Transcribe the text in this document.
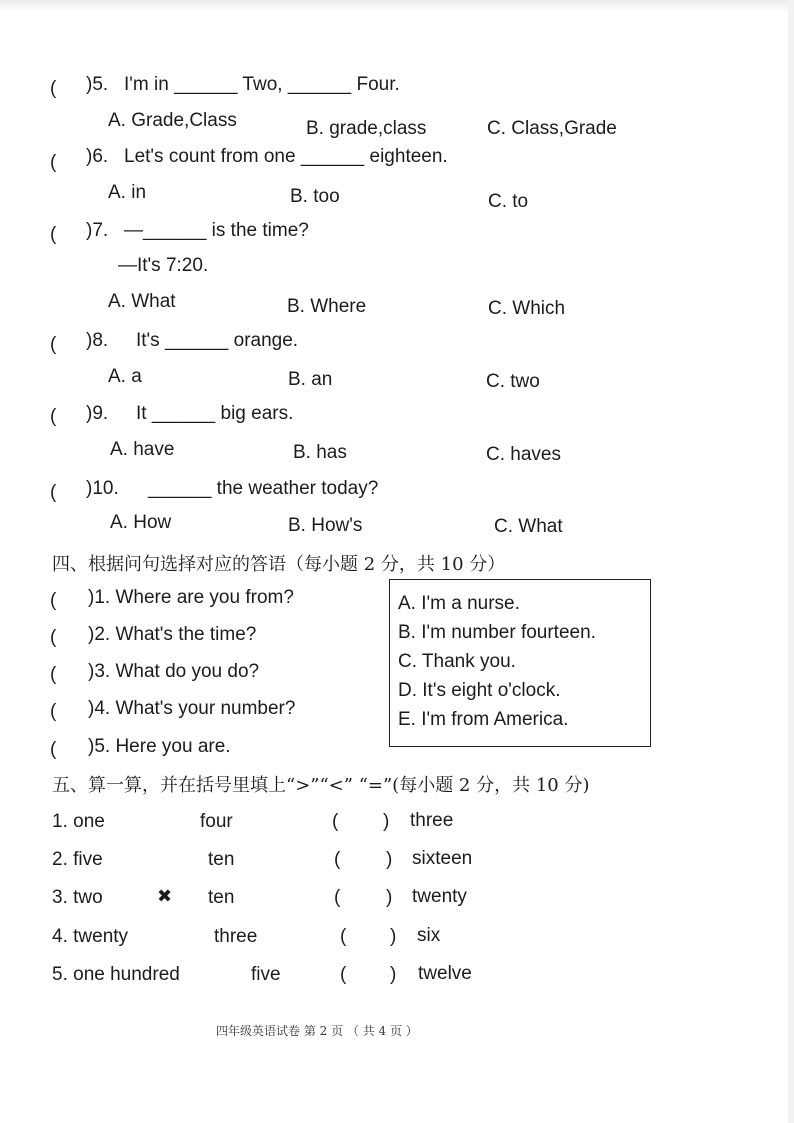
( )5. I'm in ______ Two, ______ Four.
A. Grade,Class	B. grade,class	C. Class,Grade
( )6. Let's count from one ______ eighteen.
A. in	B. too	C. to
( )7. —______ is the time?
—It's 7:20.
A. What	B. Where	C. Which
( )8. It's ______ orange.
A. a	B. an	C. two
( )9. It ______ big ears.
A. have	B. has	C. haves
( )10. ______ the weather today?
A. How	B. How's	C. What
四、根据问句选择对应的答语（每小题 2 分，共 10 分）
( )1. Where are you from?
( )2. What's the time?
( )3. What do you do?
( )4. What's your number?
( )5. Here you are.
A. I'm a nurse.
B. I'm number fourteen.
C. Thank you.
D. It's eight o'clock.
E. I'm from America.
五、算一算，并在括号里填上“>”“<” “=”(每小题 2 分，共 10 分)
1. one	four	( ) three
2. five	ten	( ) sixteen
3. two	✖ ten	( ) twenty
4. twenty	three	( ) six
5. one hundred	five	( ) twelve
四年级英语试卷 第 2 页 （ 共 4 页 ）
